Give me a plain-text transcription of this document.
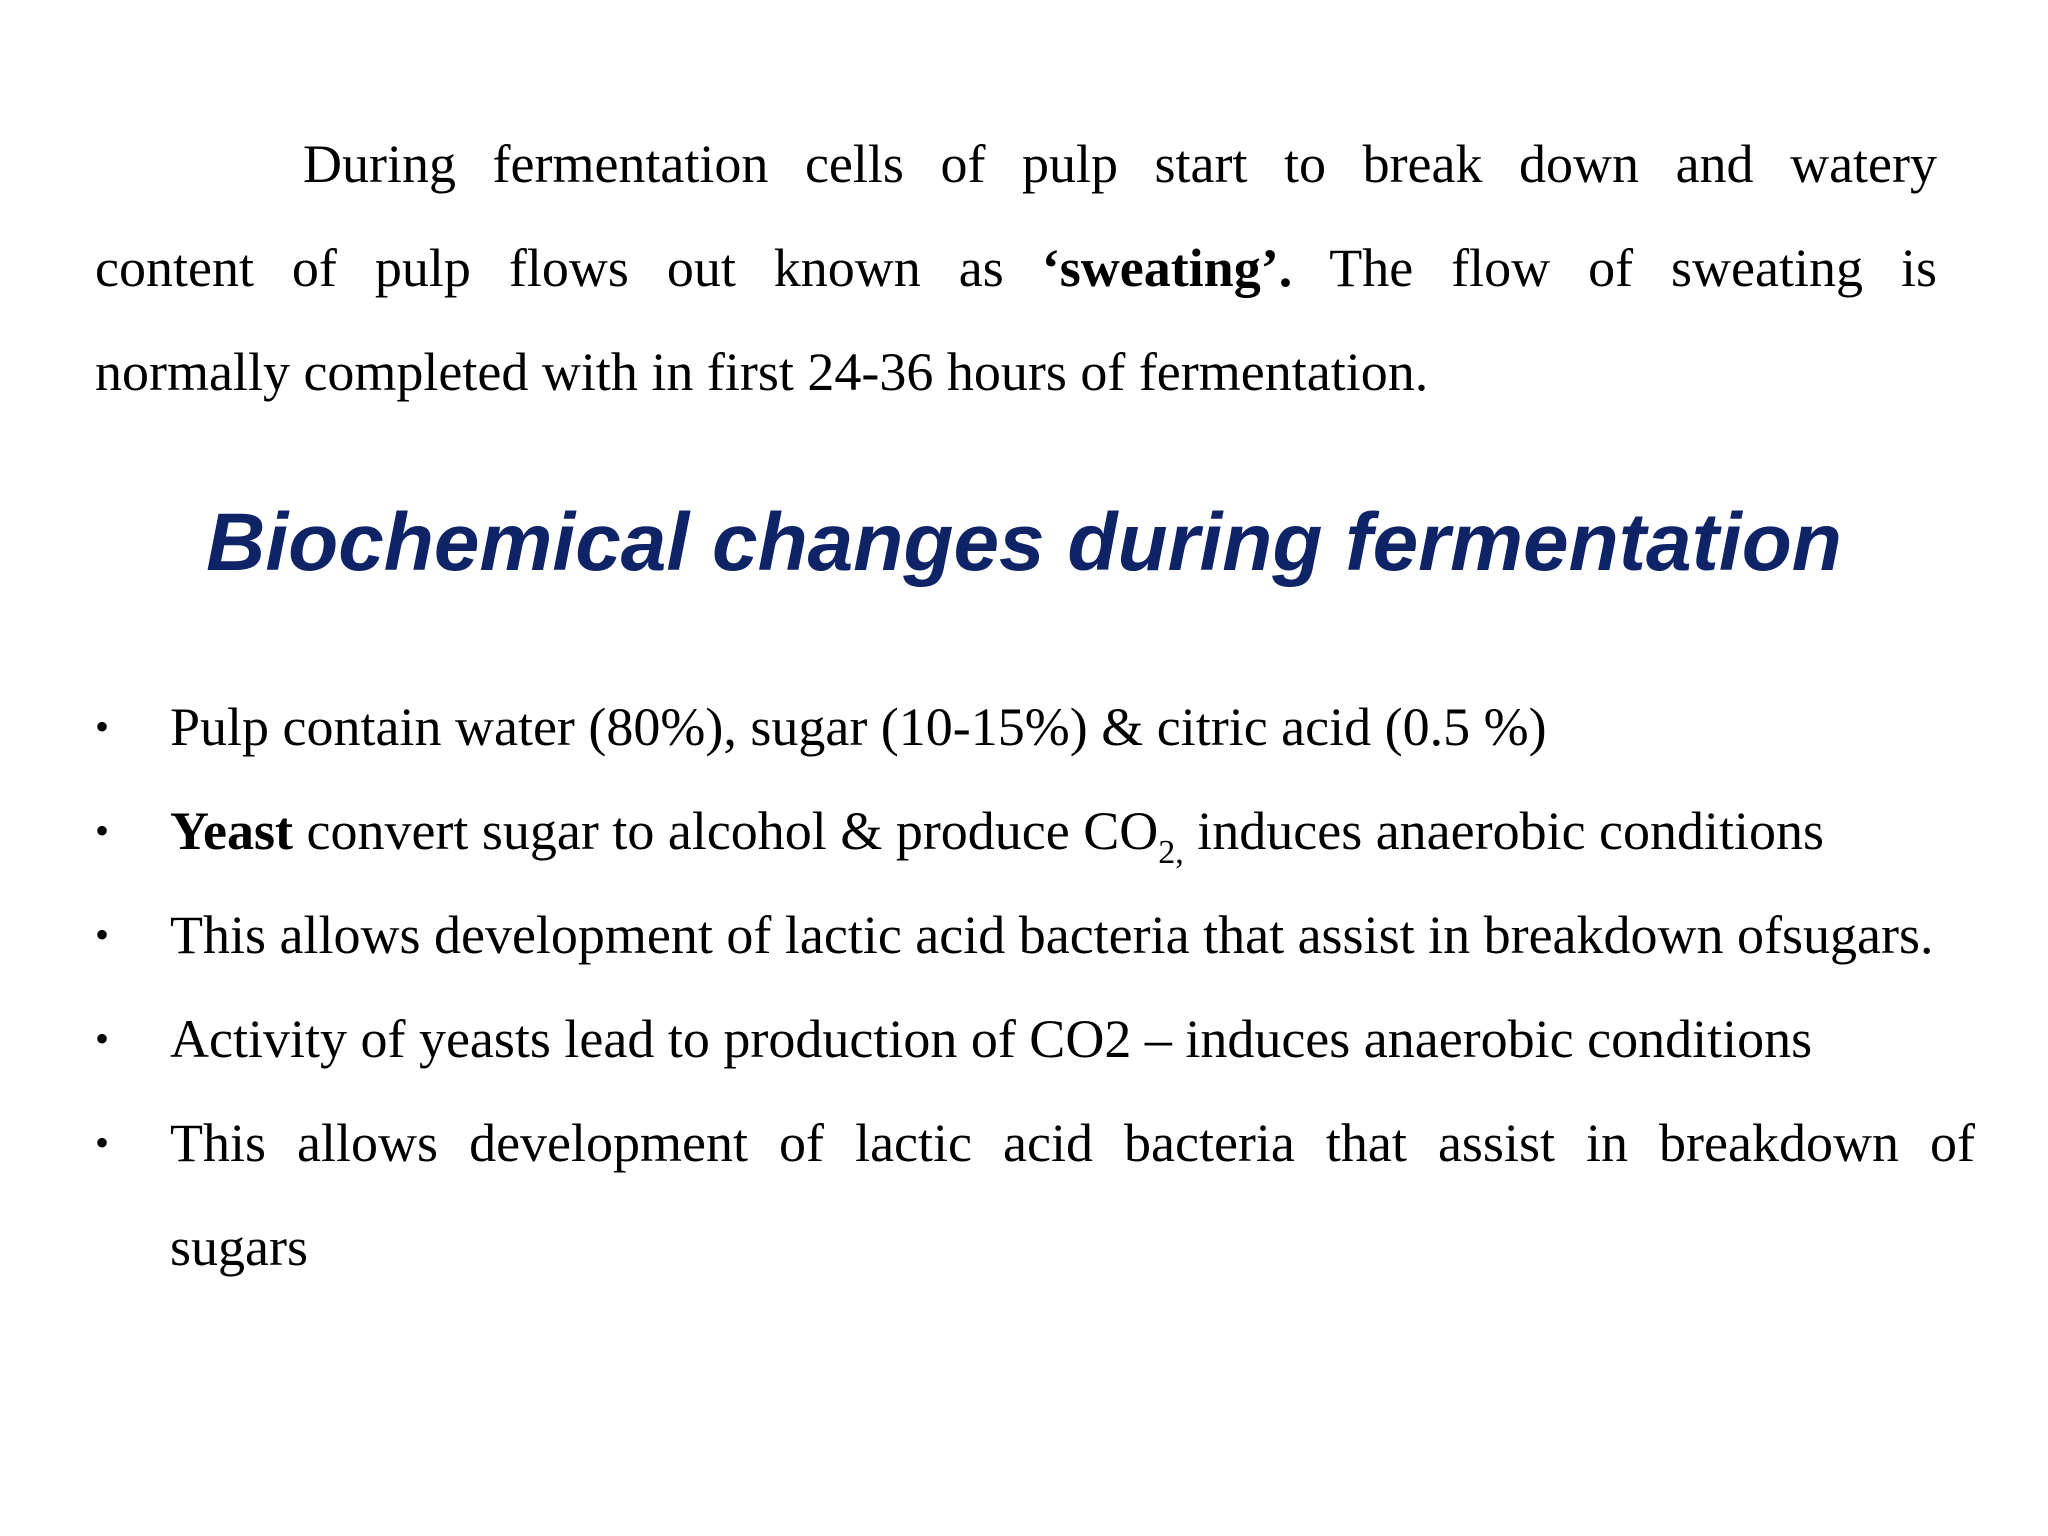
During fermentation cells of pulp start to break down and watery
content of pulp flows out known as ‘sweating’. The flow of sweating is
normally completed with in first 24-36 hours of fermentation.
Biochemical changes during fermentation
• Pulp contain water (80%), sugar (10-15%) & citric acid (0.5 %)
• Yeast convert sugar to alcohol & produce $CO_{2,}$ induces anaerobic conditions
• This allows development of lactic acid bacteria that assist in breakdown ofsugars.
• Activity of yeasts lead to production of CO2 – induces anaerobic conditions
• This allows development of lactic acid bacteria that assist in breakdown of
sugars
